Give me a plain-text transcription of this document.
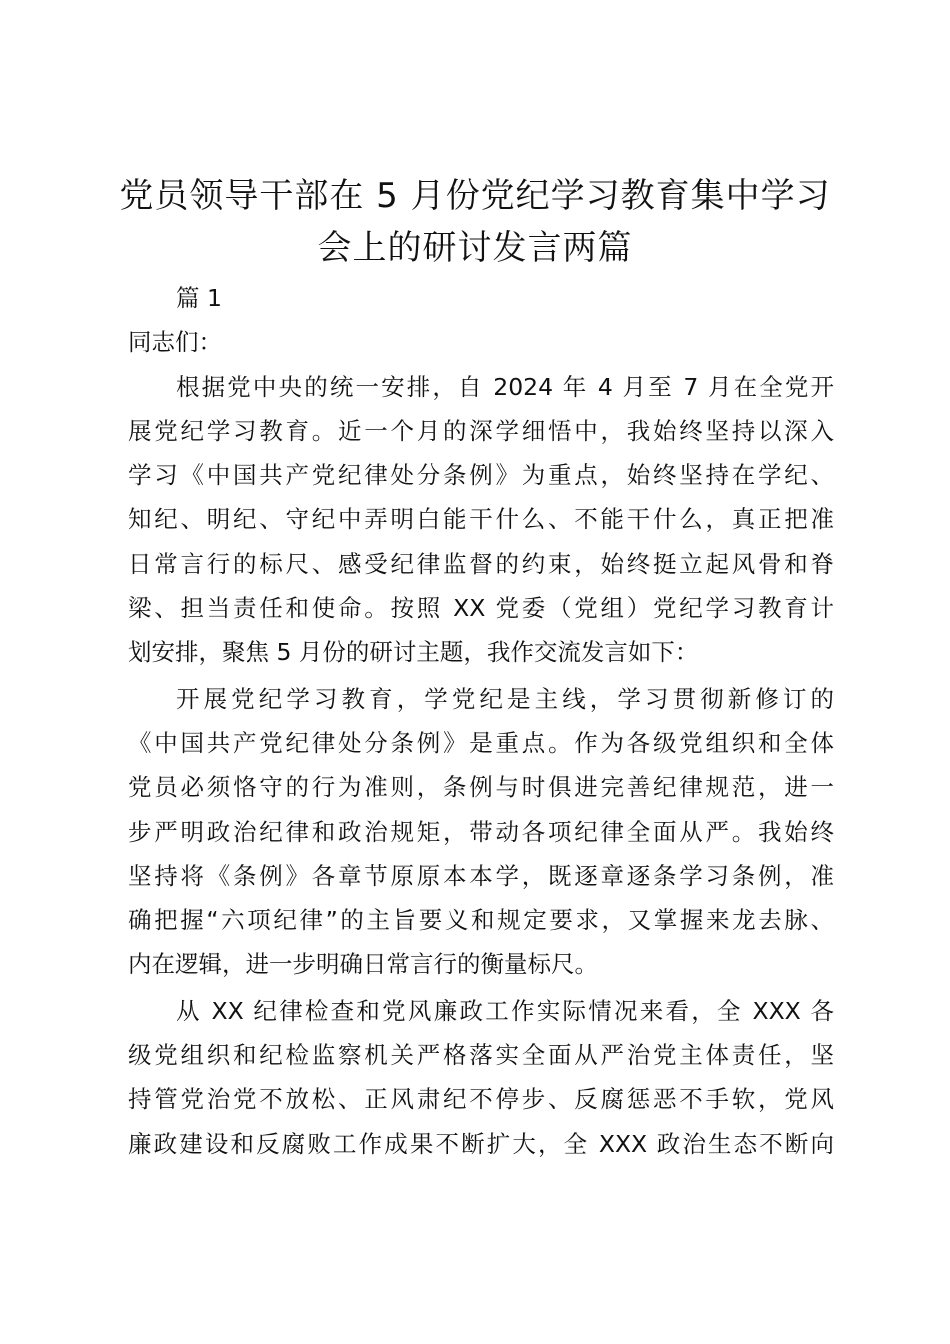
党员领导干部在 5 月份党纪学习教育集中学习
会上的研讨发言两篇
篇 1
同志们：
根据党中央的统一安排，自 2024 年 4 月至 7 月在全党开
展党纪学习教育。近一个月的深学细悟中，我始终坚持以深入
学习《中国共产党纪律处分条例》为重点，始终坚持在学纪、
知纪、明纪、守纪中弄明白能干什么、不能干什么，真正把准
日常言行的标尺、感受纪律监督的约束，始终挺立起风骨和脊
梁、担当责任和使命。按照 XX 党委（党组）党纪学习教育计
划安排，聚焦 5 月份的研讨主题，我作交流发言如下：
开展党纪学习教育，学党纪是主线，学习贯彻新修订的
《中国共产党纪律处分条例》是重点。作为各级党组织和全体
党员必须恪守的行为准则，条例与时俱进完善纪律规范，进一
步严明政治纪律和政治规矩，带动各项纪律全面从严。我始终
坚持将《条例》各章节原原本本学，既逐章逐条学习条例，准
确把握“六项纪律”的主旨要义和规定要求，又掌握来龙去脉、
内在逻辑，进一步明确日常言行的衡量标尺。
从 XX 纪律检查和党风廉政工作实际情况来看，全 XXX 各
级党组织和纪检监察机关严格落实全面从严治党主体责任，坚
持管党治党不放松、正风肃纪不停步、反腐惩恶不手软，党风
廉政建设和反腐败工作成果不断扩大，全 XXX 政治生态不断向
